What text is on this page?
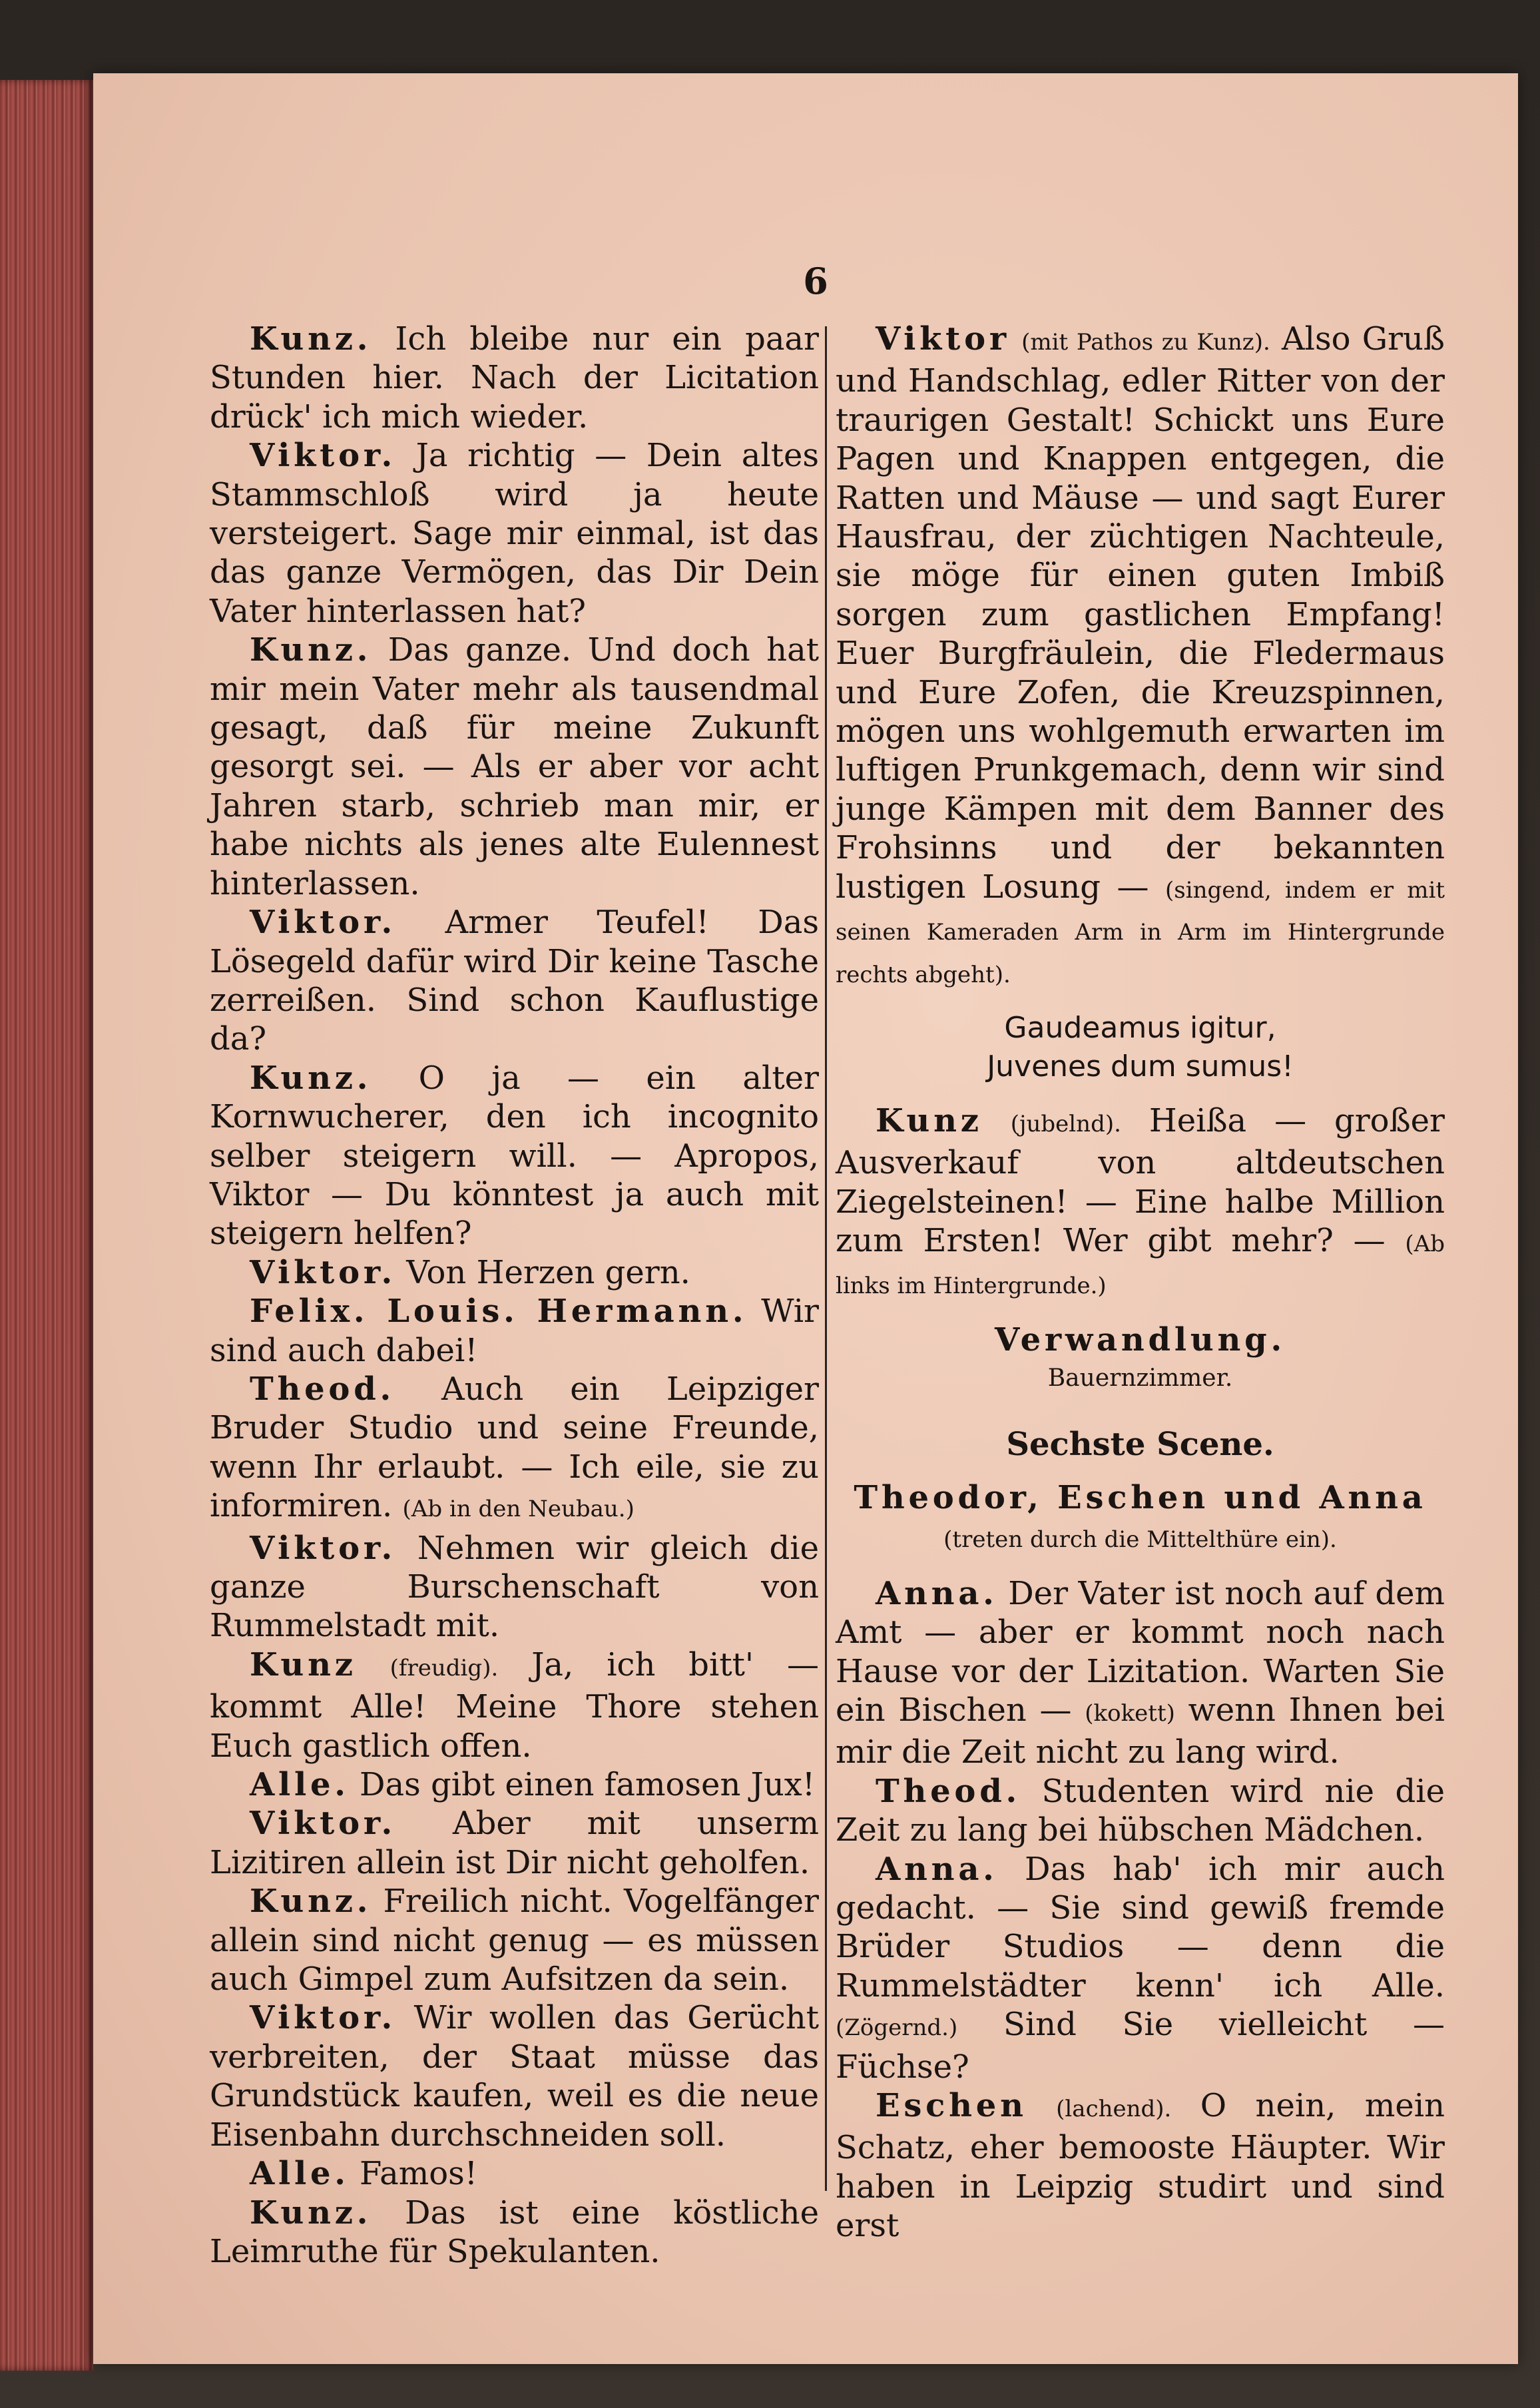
6

Kunz. Ich bleibe nur ein paar Stunden hier. Nach der Licitation drück' ich mich wieder.

Viktor. Ja richtig — Dein altes Stammschloß wird ja heute versteigert. Sage mir einmal, ist das das ganze Vermögen, das Dir Dein Vater hinterlassen hat?

Kunz. Das ganze. Und doch hat mir mein Vater mehr als tausendmal gesagt, daß für meine Zukunft gesorgt sei. — Als er aber vor acht Jahren starb, schrieb man mir, er habe nichts als jenes alte Eulennest hinterlassen.

Viktor. Armer Teufel! Das Lösegeld dafür wird Dir keine Tasche zerreißen. Sind schon Kauflustige da?

Kunz. O ja — ein alter Kornwucherer, den ich incognito selber steigern will. — Apropos, Viktor — Du könntest ja auch mit steigern helfen?

Viktor. Von Herzen gern.

Felix. Louis. Hermann. Wir sind auch dabei!

Theod. Auch ein Leipziger Bruder Studio und seine Freunde, wenn Ihr erlaubt. — Ich eile, sie zu informiren. (Ab in den Neubau.)

Viktor. Nehmen wir gleich die ganze Burschenschaft von Rummelstadt mit.

Kunz (freudig). Ja, ich bitt' — kommt Alle! Meine Thore stehen Euch gastlich offen.

Alle. Das gibt einen famosen Jux!

Viktor. Aber mit unserm Lizitiren allein ist Dir nicht geholfen.

Kunz. Freilich nicht. Vogelfänger allein sind nicht genug — es müssen auch Gimpel zum Aufsitzen da sein.

Viktor. Wir wollen das Gerücht verbreiten, der Staat müsse das Grundstück kaufen, weil es die neue Eisenbahn durchschneiden soll.

Alle. Famos!

Kunz. Das ist eine köstliche Leimruthe für Spekulanten.

Viktor (mit Pathos zu Kunz). Also Gruß und Handschlag, edler Ritter von der traurigen Gestalt! Schickt uns Eure Pagen und Knappen entgegen, die Ratten und Mäuse — und sagt Eurer Hausfrau, der züchtigen Nachteule, sie möge für einen guten Imbiß sorgen zum gastlichen Empfang! Euer Burgfräulein, die Fledermaus und Eure Zofen, die Kreuzspinnen, mögen uns wohlgemuth erwarten im luftigen Prunkgemach, denn wir sind junge Kämpen mit dem Banner des Frohsinns und der bekannten lustigen Losung — (singend, indem er mit seinen Kameraden Arm in Arm im Hintergrunde rechts abgeht).

Gaudeamus igitur,

Juvenes dum sumus!

Kunz (jubelnd). Heißa — großer Ausverkauf von altdeutschen Ziegelsteinen! — Eine halbe Million zum Ersten! Wer gibt mehr? — (Ab links im Hintergrunde.)

Verwandlung.

Bauernzimmer.

Sechste Scene.

Theodor, Eschen und Anna (treten durch die Mittelthüre ein).

Anna. Der Vater ist noch auf dem Amt — aber er kommt noch nach Hause vor der Lizitation. Warten Sie ein Bischen — (kokett) wenn Ihnen bei mir die Zeit nicht zu lang wird.

Theod. Studenten wird nie die Zeit zu lang bei hübschen Mädchen.

Anna. Das hab' ich mir auch gedacht. — Sie sind gewiß fremde Brüder Studios — denn die Rummelstädter kenn' ich Alle. (Zögernd.) Sind Sie vielleicht — Füchse?

Eschen (lachend). O nein, mein Schatz, eher bemooste Häupter. Wir haben in Leipzig studirt und sind erst
